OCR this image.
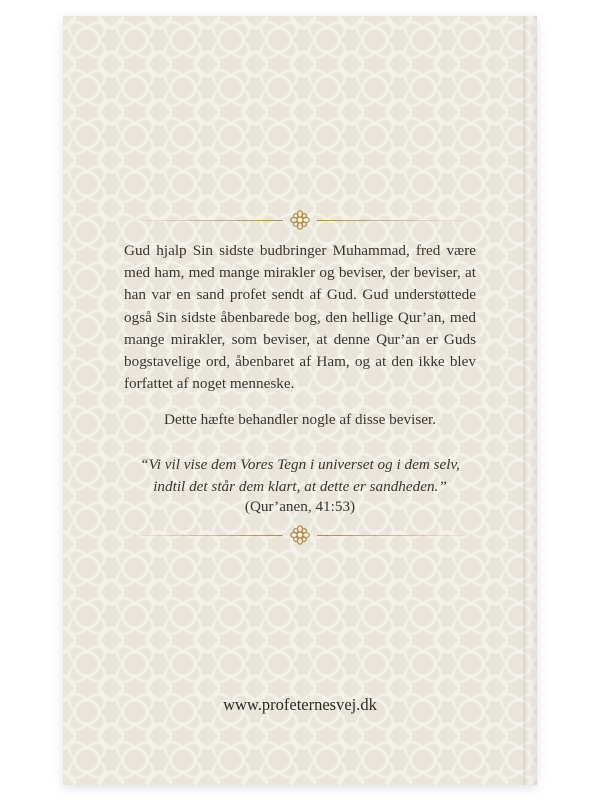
Gud hjalp Sin sidste budbringer Muhammad, fred være med ham, med mange mirakler og beviser, der beviser, at han var en sand profet sendt af Gud. Gud understøttede også Sin sidste åbenbarede bog, den hellige Qur’an, med mange mirakler, som beviser, at denne Qur’an er Guds bogstavelige ord, åbenbaret af Ham, og at den ikke blev forfattet af noget menneske.

Dette hæfte behandler nogle af disse beviser.

“Vi vil vise dem Vores Tegn i universet og i dem selv,
indtil det står dem klart, at dette er sandheden.”

(Qur’anen, 41:53)

www.profeternesvej.dk
